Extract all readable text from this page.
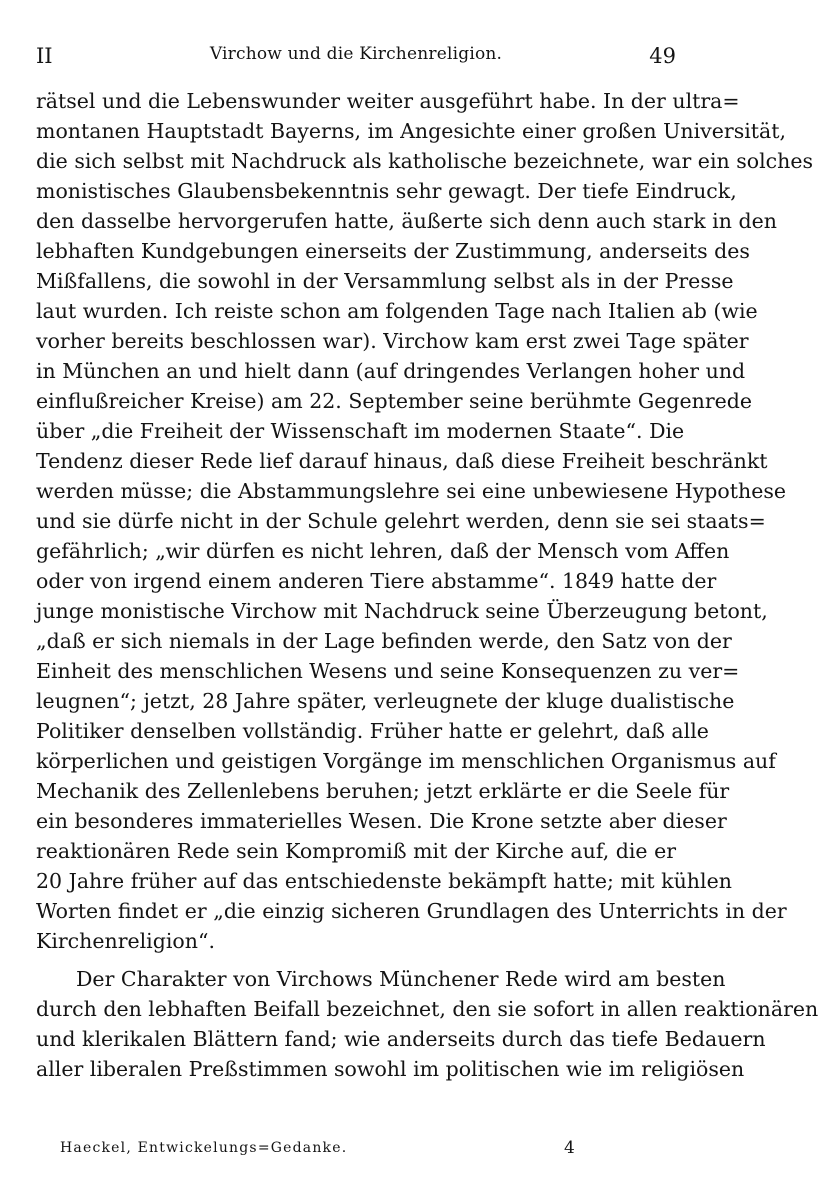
II	Virchow und die Kirchenreligion.	49
rätsel und die Lebenswunder weiter ausgeführt habe. In der ultra=
montanen Hauptstadt Bayerns, im Angesichte einer großen Universität,
die sich selbst mit Nachdruck als katholische bezeichnete, war ein solches
monistisches Glaubensbekenntnis sehr gewagt. Der tiefe Eindruck,
den dasselbe hervorgerufen hatte, äußerte sich denn auch stark in den
lebhaften Kundgebungen einerseits der Zustimmung, anderseits des
Mißfallens, die sowohl in der Versammlung selbst als in der Presse
laut wurden. Ich reiste schon am folgenden Tage nach Italien ab (wie
vorher bereits beschlossen war). Virchow kam erst zwei Tage später
in München an und hielt dann (auf dringendes Verlangen hoher und
einflußreicher Kreise) am 22. September seine berühmte Gegenrede
über „die Freiheit der Wissenschaft im modernen Staate“. Die
Tendenz dieser Rede lief darauf hinaus, daß diese Freiheit beschränkt
werden müsse; die Abstammungslehre sei eine unbewiesene Hypothese
und sie dürfe nicht in der Schule gelehrt werden, denn sie sei staats=
gefährlich; „wir dürfen es nicht lehren, daß der Mensch vom Affen
oder von irgend einem anderen Tiere abstamme“. 1849 hatte der
junge monistische Virchow mit Nachdruck seine Überzeugung betont,
„daß er sich niemals in der Lage befinden werde, den Satz von der
Einheit des menschlichen Wesens und seine Konsequenzen zu ver=
leugnen“; jetzt, 28 Jahre später, verleugnete der kluge dualistische
Politiker denselben vollständig. Früher hatte er gelehrt, daß alle
körperlichen und geistigen Vorgänge im menschlichen Organismus auf
Mechanik des Zellenlebens beruhen; jetzt erklärte er die Seele für
ein besonderes immaterielles Wesen. Die Krone setzte aber dieser
reaktionären Rede sein Kompromiß mit der Kirche auf, die er
20 Jahre früher auf das entschiedenste bekämpft hatte; mit kühlen
Worten findet er „die einzig sicheren Grundlagen des Unterrichts in der
Kirchenreligion“.
Der Charakter von Virchows Münchener Rede wird am besten
durch den lebhaften Beifall bezeichnet, den sie sofort in allen reaktionären
und klerikalen Blättern fand; wie anderseits durch das tiefe Bedauern
aller liberalen Preßstimmen sowohl im politischen wie im religiösen
Haeckel, Entwickelungs=Gedanke.	4
